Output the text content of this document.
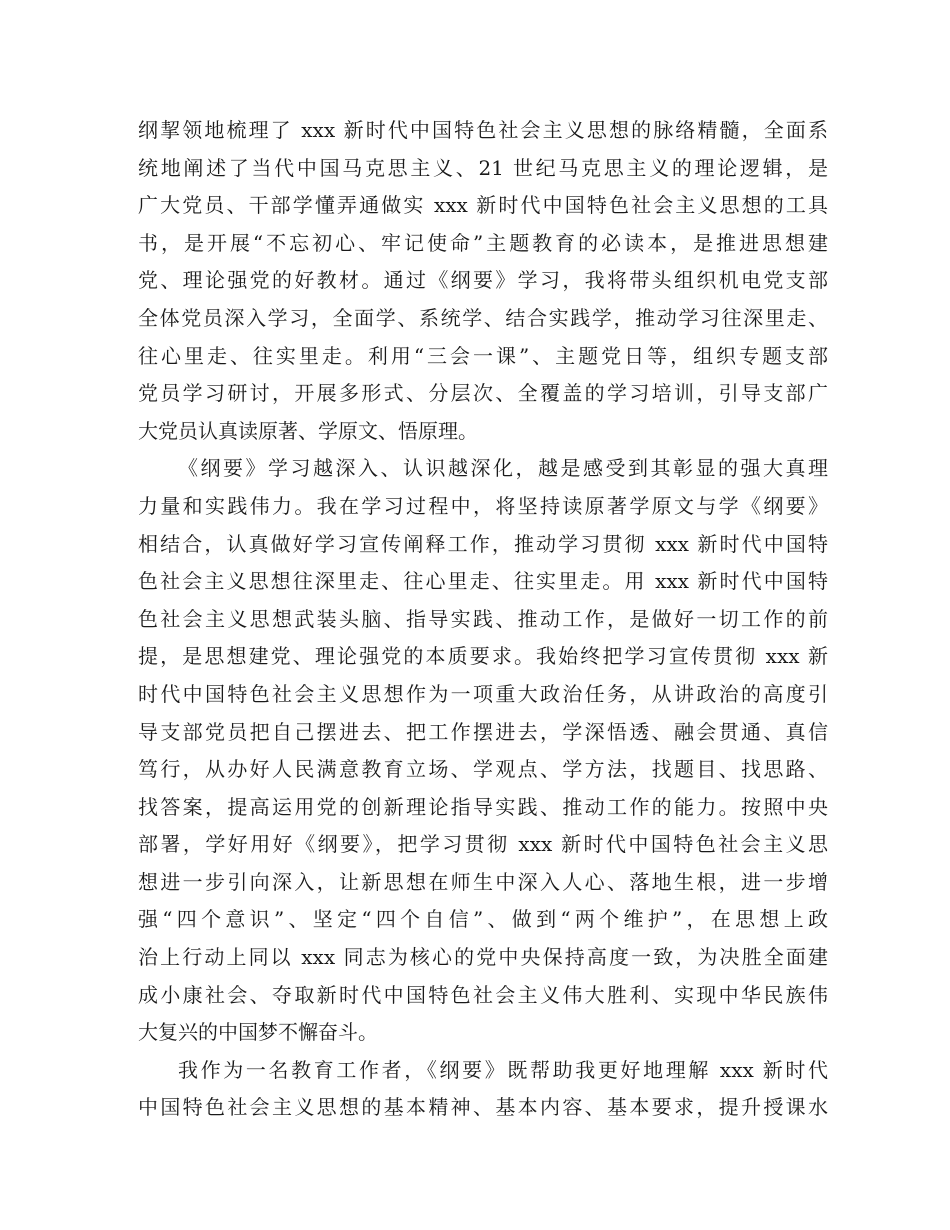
纲挈领地梳理了 xxx 新时代中国特色社会主义思想的脉络精髓，全面系
统地阐述了当代中国马克思主义、21 世纪马克思主义的理论逻辑，是
广大党员、干部学懂弄通做实 xxx 新时代中国特色社会主义思想的工具
书，是开展“不忘初心、牢记使命”主题教育的必读本，是推进思想建
党、理论强党的好教材。通过《纲要》学习，我将带头组织机电党支部
全体党员深入学习，全面学、系统学、结合实践学，推动学习往深里走、
往心里走、往实里走。利用“三会一课”、主题党日等，组织专题支部
党员学习研讨，开展多形式、分层次、全覆盖的学习培训，引导支部广
大党员认真读原著、学原文、悟原理。
《纲要》学习越深入、认识越深化，越是感受到其彰显的强大真理
力量和实践伟力。我在学习过程中，将坚持读原著学原文与学《纲要》
相结合，认真做好学习宣传阐释工作，推动学习贯彻 xxx 新时代中国特
色社会主义思想往深里走、往心里走、往实里走。用 xxx 新时代中国特
色社会主义思想武装头脑、指导实践、推动工作，是做好一切工作的前
提，是思想建党、理论强党的本质要求。我始终把学习宣传贯彻 xxx 新
时代中国特色社会主义思想作为一项重大政治任务，从讲政治的高度引
导支部党员把自己摆进去、把工作摆进去，学深悟透、融会贯通、真信
笃行，从办好人民满意教育立场、学观点、学方法，找题目、找思路、
找答案，提高运用党的创新理论指导实践、推动工作的能力。按照中央
部署，学好用好《纲要》，把学习贯彻 xxx 新时代中国特色社会主义思
想进一步引向深入，让新思想在师生中深入人心、落地生根，进一步增
强“四个意识”、坚定“四个自信”、做到“两个维护”，在思想上政
治上行动上同以 xxx 同志为核心的党中央保持高度一致，为决胜全面建
成小康社会、夺取新时代中国特色社会主义伟大胜利、实现中华民族伟
大复兴的中国梦不懈奋斗。
我作为一名教育工作者，《纲要》既帮助我更好地理解 xxx 新时代
中国特色社会主义思想的基本精神、基本内容、基本要求，提升授课水
